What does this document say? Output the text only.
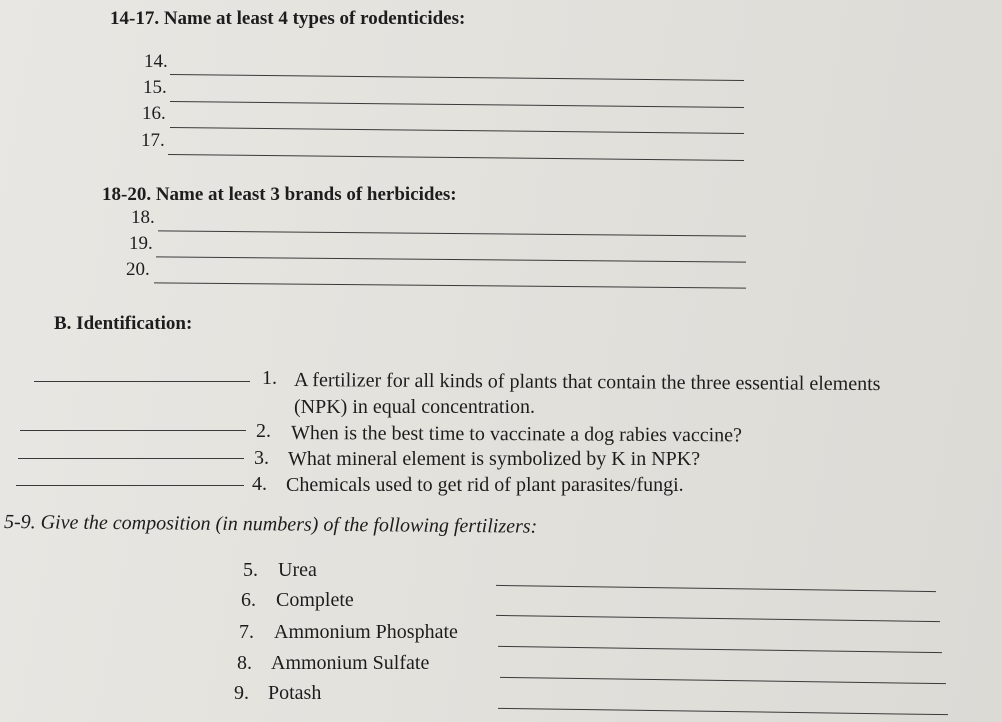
14-17. Name at least 4 types of rodenticides:
14.
15.
16.
17.
18-20. Name at least 3 brands of herbicides:
18.
19.
20.
B. Identification:
1. A fertilizer for all kinds of plants that contain the three essential elements
(NPK) in equal concentration.
2. When is the best time to vaccinate a dog rabies vaccine?
3. What mineral element is symbolized by K in NPK?
4. Chemicals used to get rid of plant parasites/fungi.
5-9. Give the composition (in numbers) of the following fertilizers:
5. Urea
6. Complete
7. Ammonium Phosphate
8. Ammonium Sulfate
9. Potash
